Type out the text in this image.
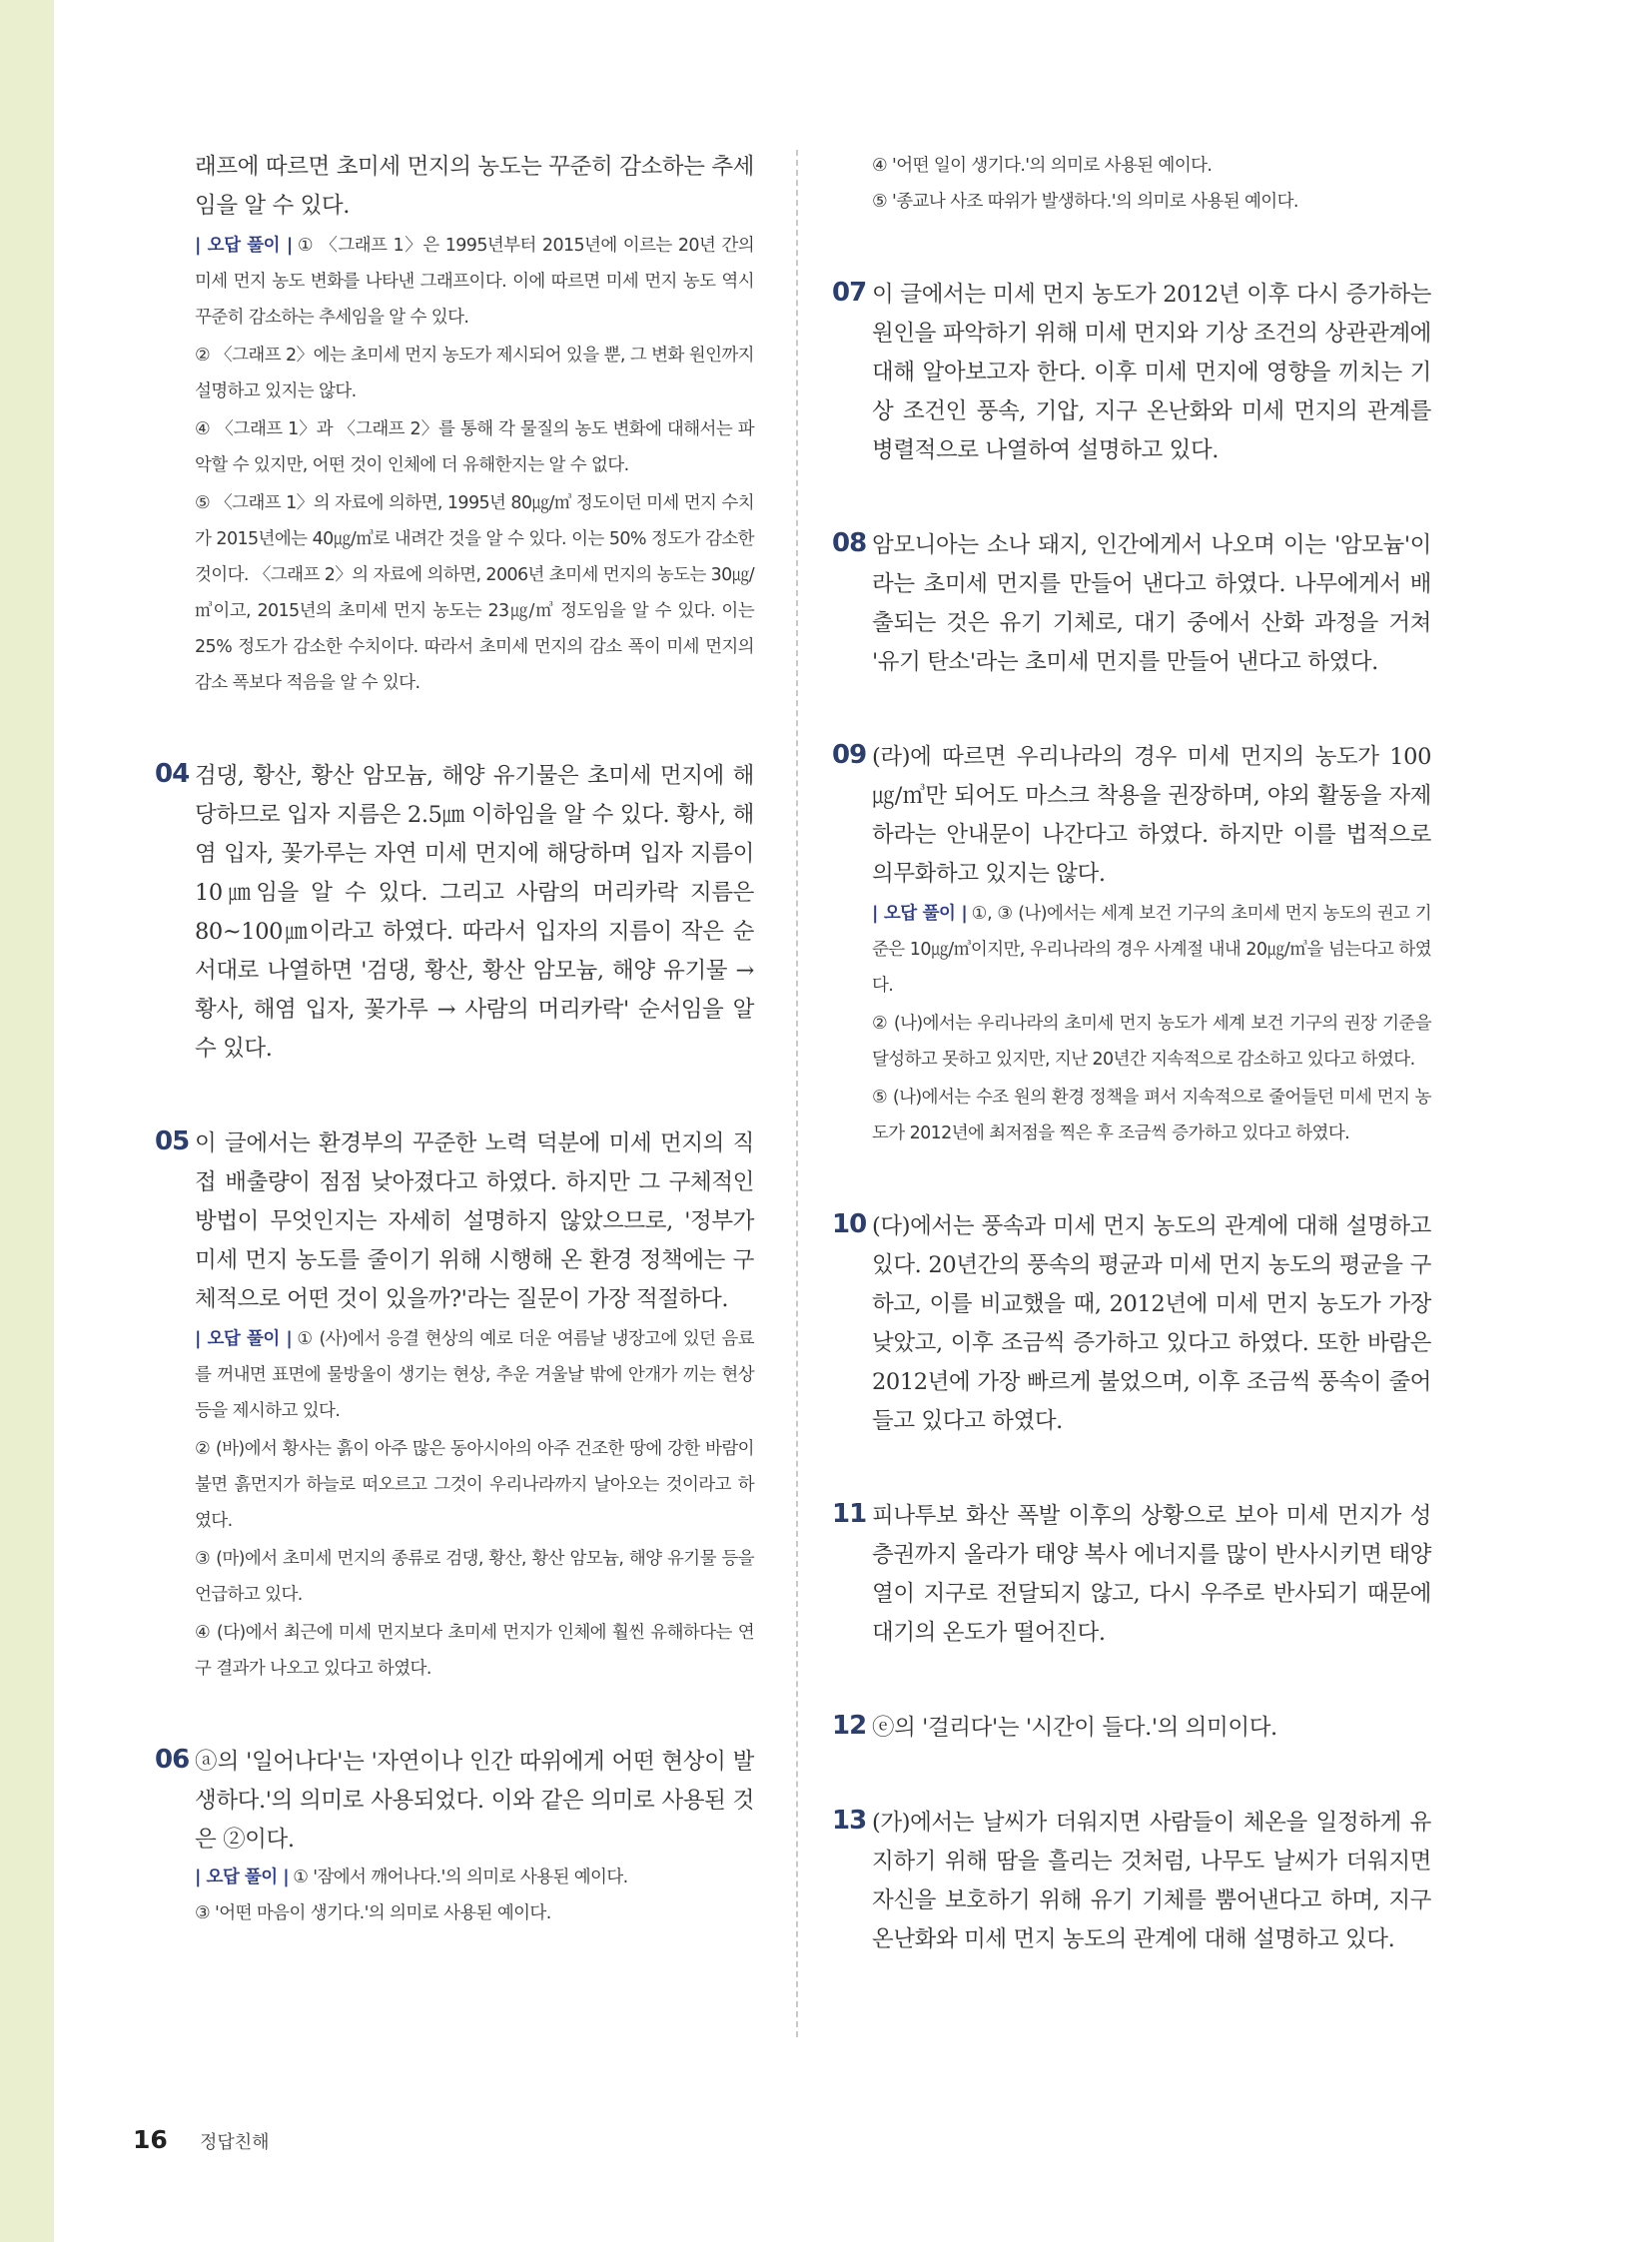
래프에 따르면 초미세 먼지의 농도는 꾸준히 감소하는 추세임을 알 수 있다.

| 오답 풀이 | ① 〈그래프 1〉은 1995년부터 2015년에 이르는 20년 간의 미세 먼지 농도 변화를 나타낸 그래프이다. 이에 따르면 미세 먼지 농도 역시 꾸준히 감소하는 추세임을 알 수 있다.

② 〈그래프 2〉에는 초미세 먼지 농도가 제시되어 있을 뿐, 그 변화 원인까지 설명하고 있지는 않다.

④ 〈그래프 1〉과 〈그래프 2〉를 통해 각 물질의 농도 변화에 대해서는 파악할 수 있지만, 어떤 것이 인체에 더 유해한지는 알 수 없다.

⑤ 〈그래프 1〉의 자료에 의하면, 1995년 80㎍/㎥ 정도이던 미세 먼지 수치가 2015년에는 40㎍/㎥로 내려간 것을 알 수 있다. 이는 50% 정도가 감소한 것이다. 〈그래프 2〉의 자료에 의하면, 2006년 초미세 먼지의 농도는 30㎍/㎥이고, 2015년의 초미세 먼지 농도는 23㎍/㎥ 정도임을 알 수 있다. 이는 25% 정도가 감소한 수치이다. 따라서 초미세 먼지의 감소 폭이 미세 먼지의 감소 폭보다 적음을 알 수 있다.

04 검댕, 황산, 황산 암모늄, 해양 유기물은 초미세 먼지에 해당하므로 입자 지름은 2.5㎛ 이하임을 알 수 있다. 황사, 해염 입자, 꽃가루는 자연 미세 먼지에 해당하며 입자 지름이 10㎛임을 알 수 있다. 그리고 사람의 머리카락 지름은 80~100㎛이라고 하였다. 따라서 입자의 지름이 작은 순서대로 나열하면 '검댕, 황산, 황산 암모늄, 해양 유기물 → 황사, 해염 입자, 꽃가루 → 사람의 머리카락' 순서임을 알 수 있다.

05 이 글에서는 환경부의 꾸준한 노력 덕분에 미세 먼지의 직접 배출량이 점점 낮아졌다고 하였다. 하지만 그 구체적인 방법이 무엇인지는 자세히 설명하지 않았으므로, '정부가 미세 먼지 농도를 줄이기 위해 시행해 온 환경 정책에는 구체적으로 어떤 것이 있을까?'라는 질문이 가장 적절하다.

| 오답 풀이 | ① (사)에서 응결 현상의 예로 더운 여름날 냉장고에 있던 음료를 꺼내면 표면에 물방울이 생기는 현상, 추운 겨울날 밖에 안개가 끼는 현상 등을 제시하고 있다.

② (바)에서 황사는 흙이 아주 많은 동아시아의 아주 건조한 땅에 강한 바람이 불면 흙먼지가 하늘로 떠오르고 그것이 우리나라까지 날아오는 것이라고 하였다.

③ (마)에서 초미세 먼지의 종류로 검댕, 황산, 황산 암모늄, 해양 유기물 등을 언급하고 있다.

④ (다)에서 최근에 미세 먼지보다 초미세 먼지가 인체에 훨씬 유해하다는 연구 결과가 나오고 있다고 하였다.

06 ⓐ의 '일어나다'는 '자연이나 인간 따위에게 어떤 현상이 발생하다.'의 의미로 사용되었다. 이와 같은 의미로 사용된 것은 ②이다.

| 오답 풀이 | ① '잠에서 깨어나다.'의 의미로 사용된 예이다.

③ '어떤 마음이 생기다.'의 의미로 사용된 예이다.

④ '어떤 일이 생기다.'의 의미로 사용된 예이다.

⑤ '종교나 사조 따위가 발생하다.'의 의미로 사용된 예이다.

07 이 글에서는 미세 먼지 농도가 2012년 이후 다시 증가하는 원인을 파악하기 위해 미세 먼지와 기상 조건의 상관관계에 대해 알아보고자 한다. 이후 미세 먼지에 영향을 끼치는 기상 조건인 풍속, 기압, 지구 온난화와 미세 먼지의 관계를 병렬적으로 나열하여 설명하고 있다.

08 암모니아는 소나 돼지, 인간에게서 나오며 이는 '암모늄'이라는 초미세 먼지를 만들어 낸다고 하였다. 나무에게서 배출되는 것은 유기 기체로, 대기 중에서 산화 과정을 거쳐 '유기 탄소'라는 초미세 먼지를 만들어 낸다고 하였다.

09 (라)에 따르면 우리나라의 경우 미세 먼지의 농도가 100㎍/㎥만 되어도 마스크 착용을 권장하며, 야외 활동을 자제하라는 안내문이 나간다고 하였다. 하지만 이를 법적으로 의무화하고 있지는 않다.

| 오답 풀이 | ①, ③ (나)에서는 세계 보건 기구의 초미세 먼지 농도의 권고 기준은 10㎍/㎥이지만, 우리나라의 경우 사계절 내내 20㎍/㎥을 넘는다고 하였다.

② (나)에서는 우리나라의 초미세 먼지 농도가 세계 보건 기구의 권장 기준을 달성하고 못하고 있지만, 지난 20년간 지속적으로 감소하고 있다고 하였다.

⑤ (나)에서는 수조 원의 환경 정책을 펴서 지속적으로 줄어들던 미세 먼지 농도가 2012년에 최저점을 찍은 후 조금씩 증가하고 있다고 하였다.

10 (다)에서는 풍속과 미세 먼지 농도의 관계에 대해 설명하고 있다. 20년간의 풍속의 평균과 미세 먼지 농도의 평균을 구하고, 이를 비교했을 때, 2012년에 미세 먼지 농도가 가장 낮았고, 이후 조금씩 증가하고 있다고 하였다. 또한 바람은 2012년에 가장 빠르게 불었으며, 이후 조금씩 풍속이 줄어들고 있다고 하였다.

11 피나투보 화산 폭발 이후의 상황으로 보아 미세 먼지가 성층권까지 올라가 태양 복사 에너지를 많이 반사시키면 태양열이 지구로 전달되지 않고, 다시 우주로 반사되기 때문에 대기의 온도가 떨어진다.

12 ⓔ의 '걸리다'는 '시간이 들다.'의 의미이다.

13 (가)에서는 날씨가 더워지면 사람들이 체온을 일정하게 유지하기 위해 땀을 흘리는 것처럼, 나무도 날씨가 더워지면 자신을 보호하기 위해 유기 기체를 뿜어낸다고 하며, 지구 온난화와 미세 먼지 농도의 관계에 대해 설명하고 있다.

16 정답친해
